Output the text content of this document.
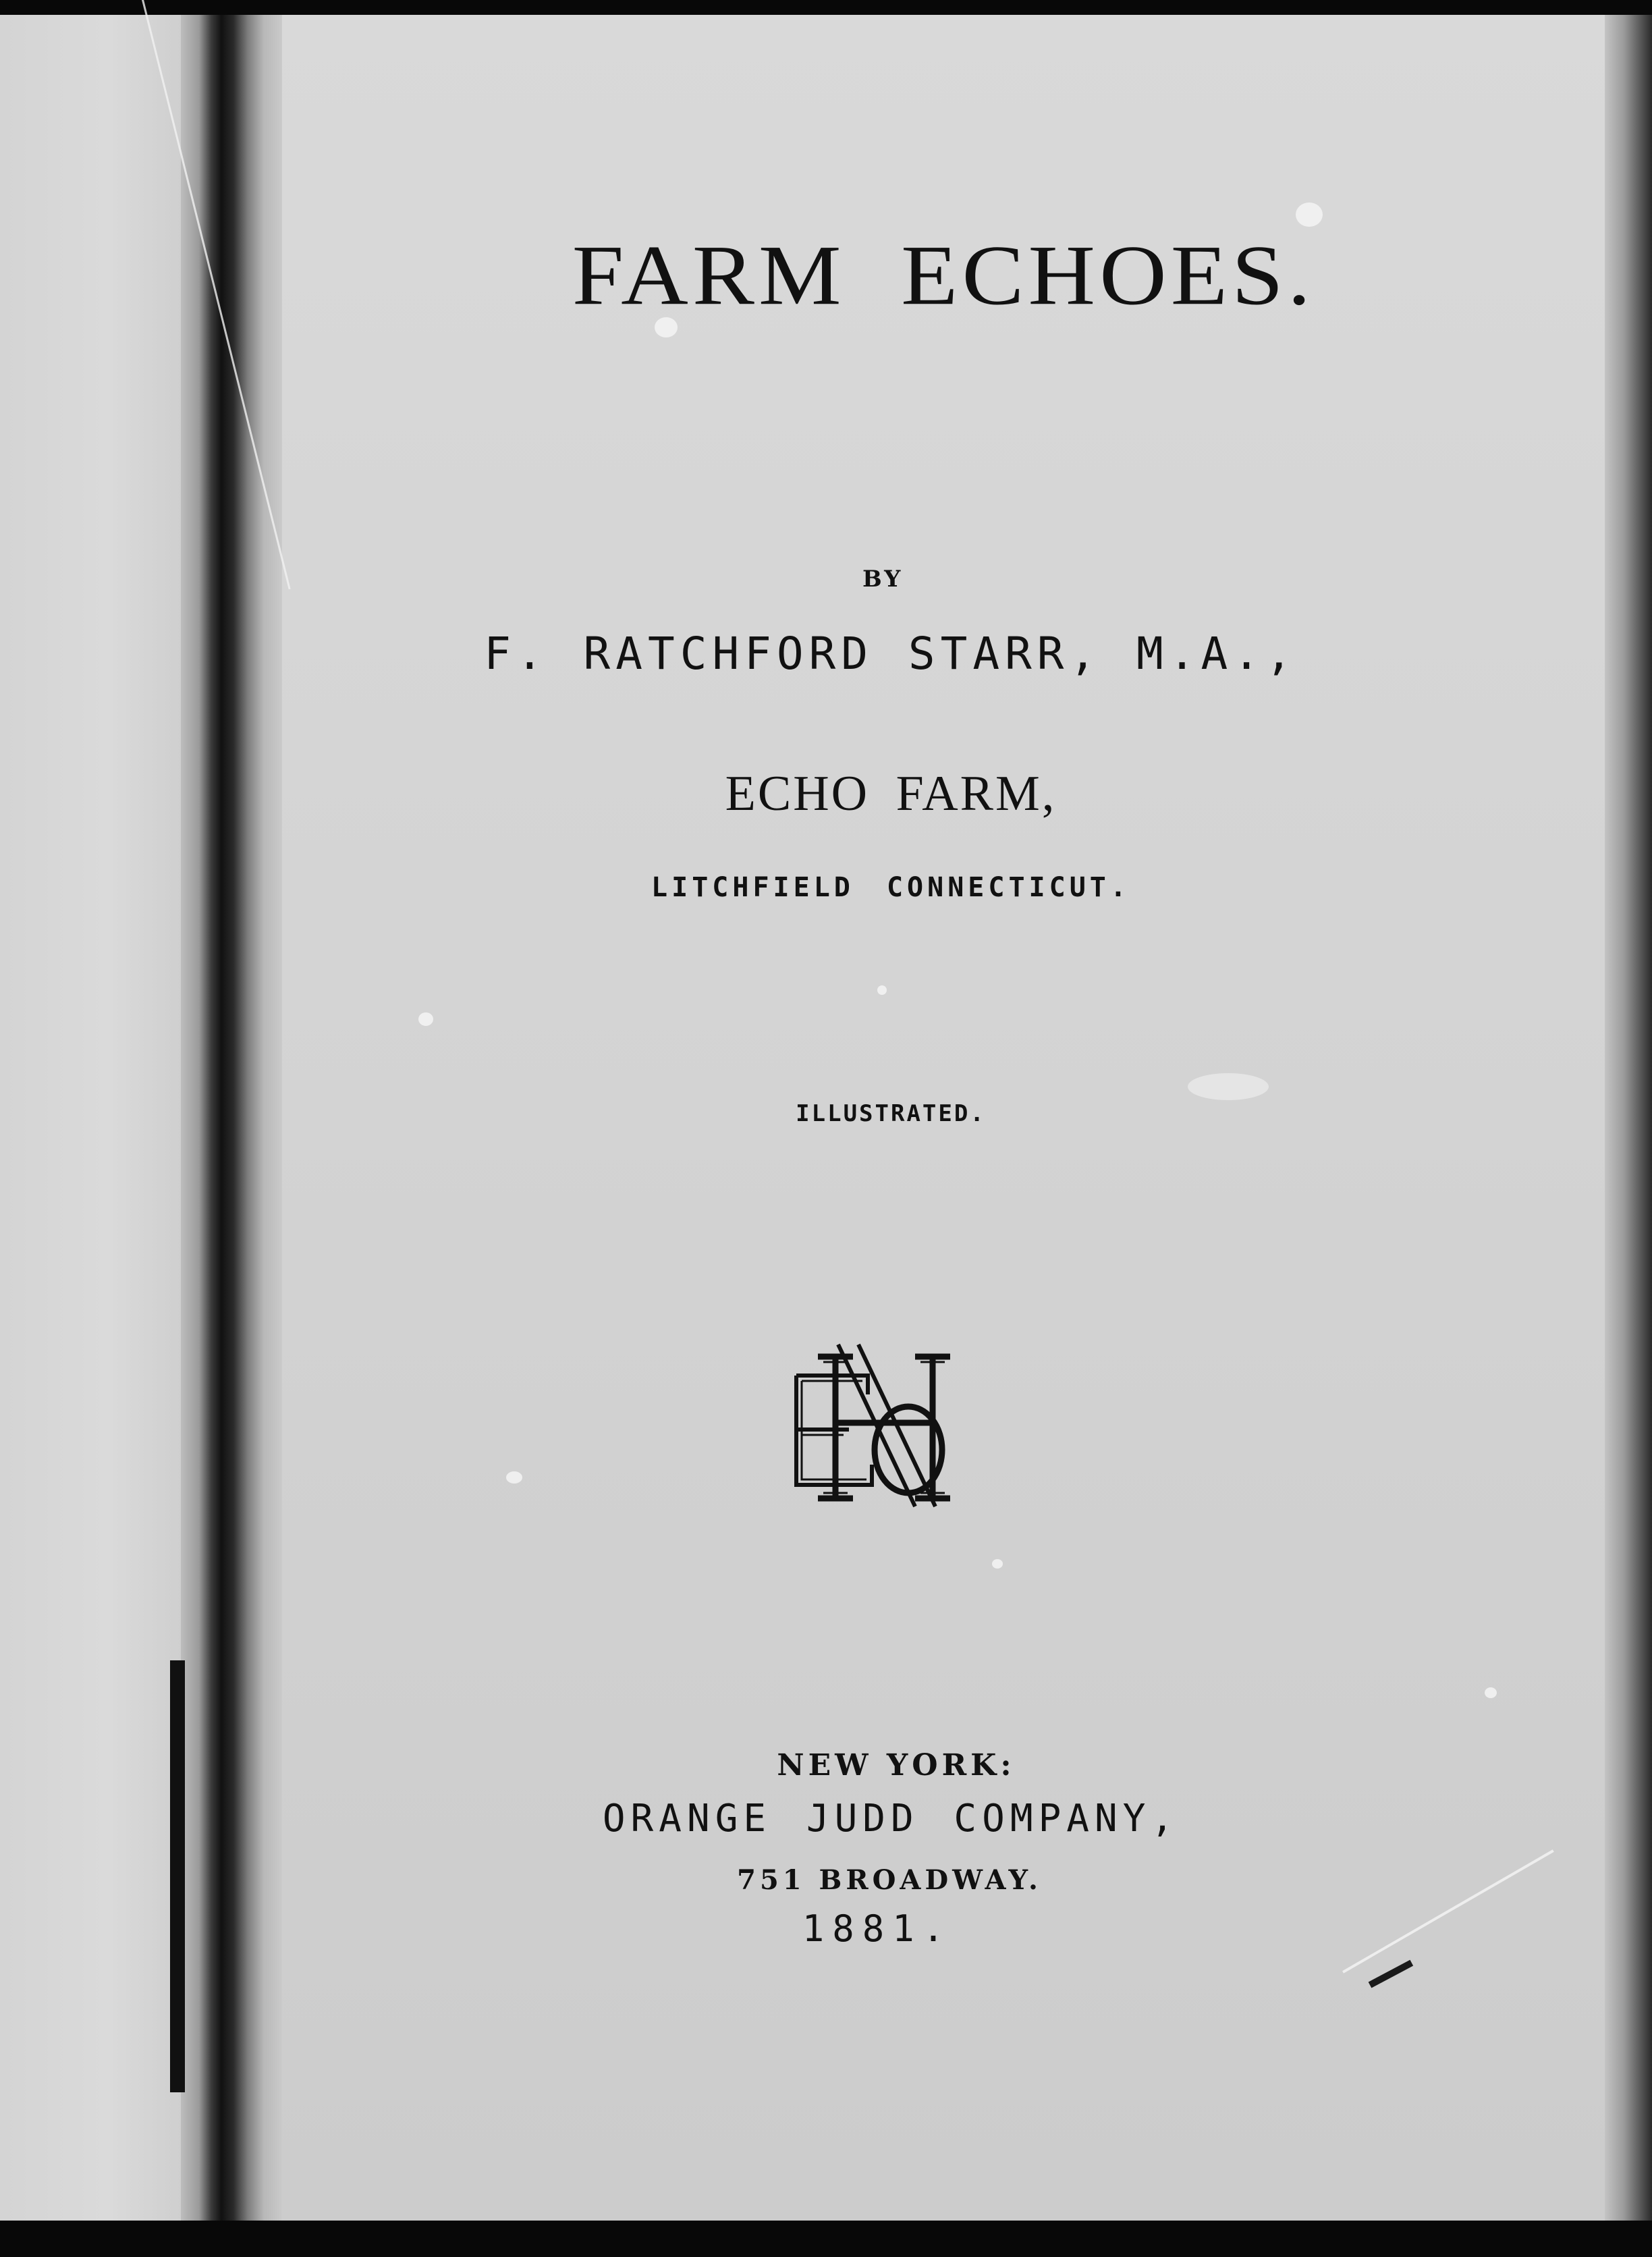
FARM ECHOES.

BY

F. RATCHFORD STARR, M.A.,

ECHO FARM,

LITCHFIELD CONNECTICUT.

ILLUSTRATED.

NEW YORK:

ORANGE JUDD COMPANY,

751 BROADWAY.

1881.
